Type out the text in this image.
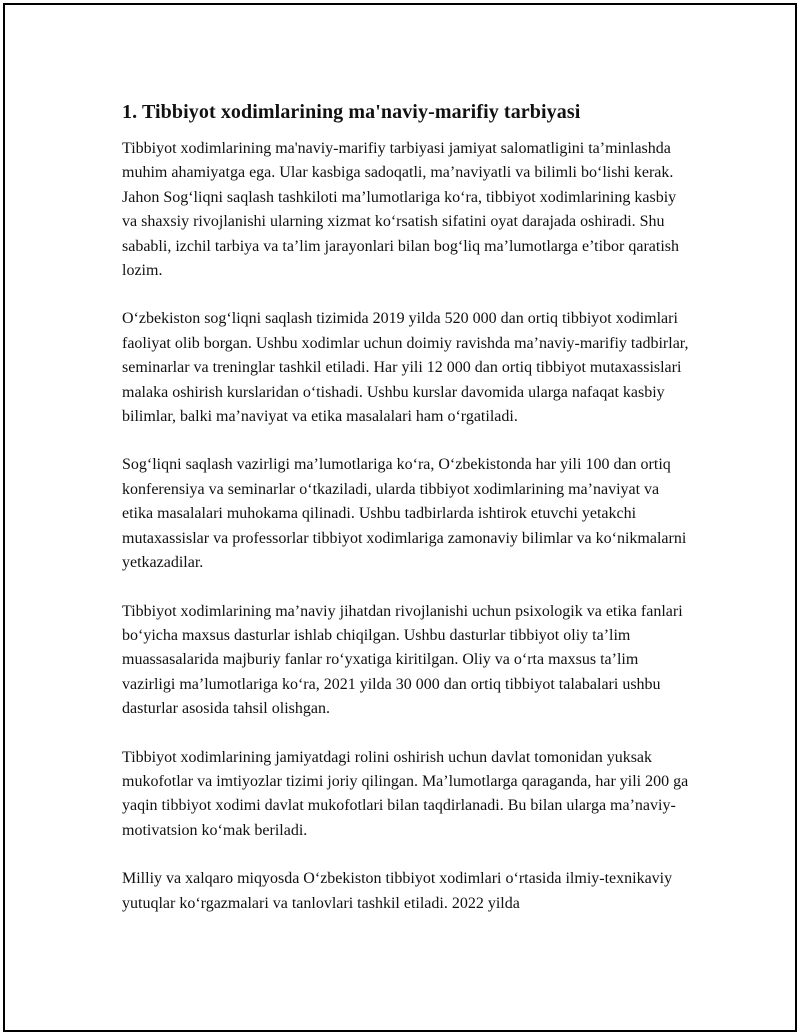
1. Tibbiyot xodimlarining ma'naviy-marifiy tarbiyasi

Tibbiyot xodimlarining ma'naviy-marifiy tarbiyasi jamiyat salomatligini ta’minlashda muhim ahamiyatga ega. Ular kasbiga sadoqatli, ma’naviyatli va bilimli bo‘lishi kerak. Jahon Sog‘liqni saqlash tashkiloti ma’lumotlariga ko‘ra, tibbiyot xodimlarining kasbiy va shaxsiy rivojlanishi ularning xizmat ko‘rsatish sifatini oyat darajada oshiradi. Shu sababli, izchil tarbiya va ta’lim jarayonlari bilan bog‘liq ma’lumotlarga e’tibor qaratish lozim.

O‘zbekiston sog‘liqni saqlash tizimida 2019 yilda 520 000 dan ortiq tibbiyot xodimlari faoliyat olib borgan. Ushbu xodimlar uchun doimiy ravishda ma’naviy-marifiy tadbirlar, seminarlar va treninglar tashkil etiladi. Har yili 12 000 dan ortiq tibbiyot mutaxassislari malaka oshirish kurslaridan o‘tishadi. Ushbu kurslar davomida ularga nafaqat kasbiy bilimlar, balki ma’naviyat va etika masalalari ham o‘rgatiladi.

Sog‘liqni saqlash vazirligi ma’lumotlariga ko‘ra, O‘zbekistonda har yili 100 dan ortiq konferensiya va seminarlar o‘tkaziladi, ularda tibbiyot xodimlarining ma’naviyat va etika masalalari muhokama qilinadi. Ushbu tadbirlarda ishtirok etuvchi yetakchi mutaxassislar va professorlar tibbiyot xodimlariga zamonaviy bilimlar va ko‘nikmalarni yetkazadilar.

Tibbiyot xodimlarining ma’naviy jihatdan rivojlanishi uchun psixologik va etika fanlari bo‘yicha maxsus dasturlar ishlab chiqilgan. Ushbu dasturlar tibbiyot oliy ta’lim muassasalarida majburiy fanlar ro‘yxatiga kiritilgan. Oliy va o‘rta maxsus ta’lim vazirligi ma’lumotlariga ko‘ra, 2021 yilda 30 000 dan ortiq tibbiyot talabalari ushbu dasturlar asosida tahsil olishgan.

Tibbiyot xodimlarining jamiyatdagi rolini oshirish uchun davlat tomonidan yuksak mukofotlar va imtiyozlar tizimi joriy qilingan. Ma’lumotlarga qaraganda, har yili 200 ga yaqin tibbiyot xodimi davlat mukofotlari bilan taqdirlanadi. Bu bilan ularga ma’naviy-motivatsion ko‘mak beriladi.

Milliy va xalqaro miqyosda O‘zbekiston tibbiyot xodimlari o‘rtasida ilmiy-texnikaviy yutuqlar ko‘rgazmalari va tanlovlari tashkil etiladi. 2022 yilda
